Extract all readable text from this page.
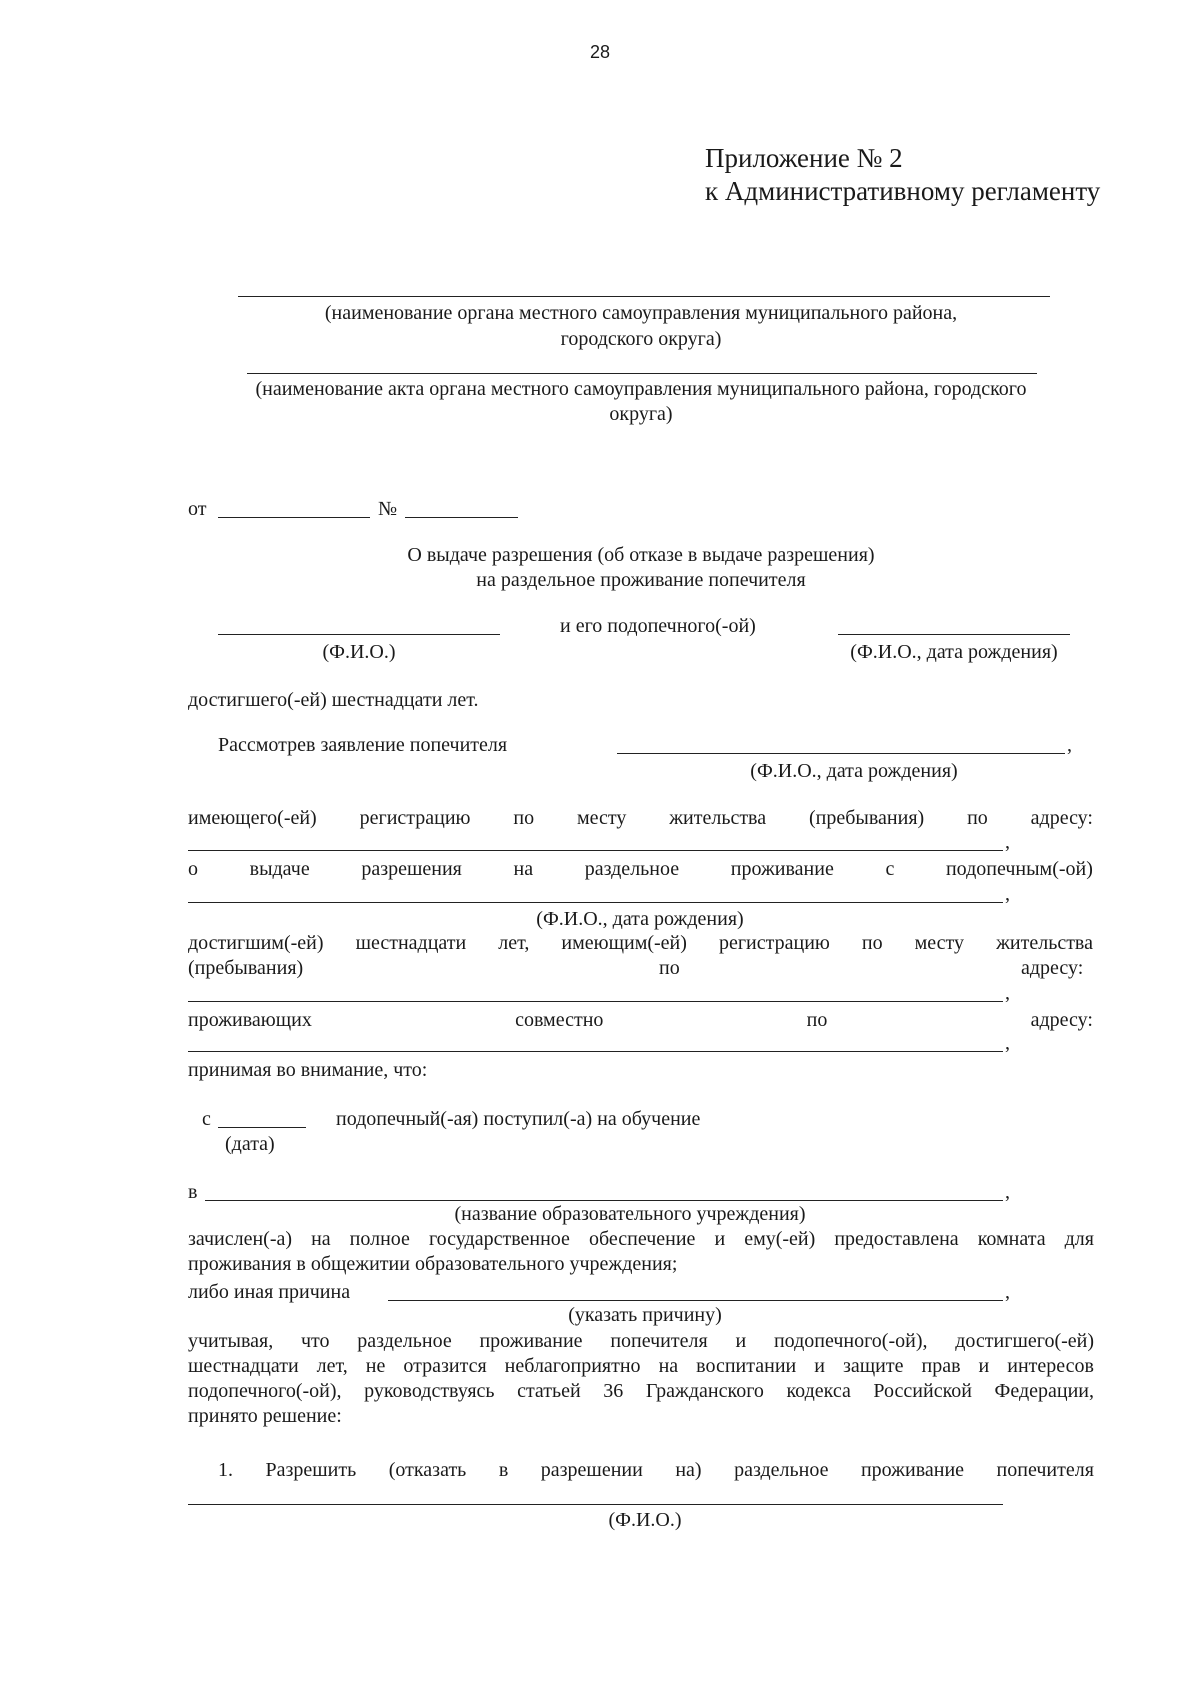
28
Приложение № 2
к Административному регламенту
(наименование органа местного самоуправления муниципального района,
городского округа)
(наименование акта органа местного самоуправления муниципального района, городского
округа)
от	№
О выдаче разрешения (об отказе в выдаче разрешения)
на раздельное проживание попечителя
и его подопечного(-ой)
(Ф.И.О.)	(Ф.И.О., дата рождения)
достигшего(-ей) шестнадцати лет.
Рассмотрев заявление попечителя	,
(Ф.И.О., дата рождения)
имеющего(-ей) регистрацию по месту жительства (пребывания) по адресу:
,
о	выдаче	разрешения	на	раздельное	проживание	с	подопечным(-ой)
,
(Ф.И.О., дата рождения)
достигшим(-ей) шестнадцати лет, имеющим(-ей) регистрацию по месту жительства
(пребывания)	по	адресу:
,
проживающих	совместно	по	адресу:
,
принимая во внимание, что:
с	подопечный(-ая) поступил(-а) на обучение
(дата)
в	,
(название образовательного учреждения)
зачислен(-а) на полное государственное обеспечение и ему(-ей) предоставлена комната для
проживания в общежитии образовательного учреждения;
либо иная причина	,
(указать причину)
учитывая, что раздельное проживание попечителя и подопечного(-ой), достигшего(-ей)
шестнадцати лет, не отразится неблагоприятно на воспитании и защите прав и интересов
подопечного(-ой), руководствуясь статьей 36 Гражданского кодекса Российской Федерации,
принято решение:
1. Разрешить (отказать в разрешении на) раздельное проживание попечителя
(Ф.И.О.)
